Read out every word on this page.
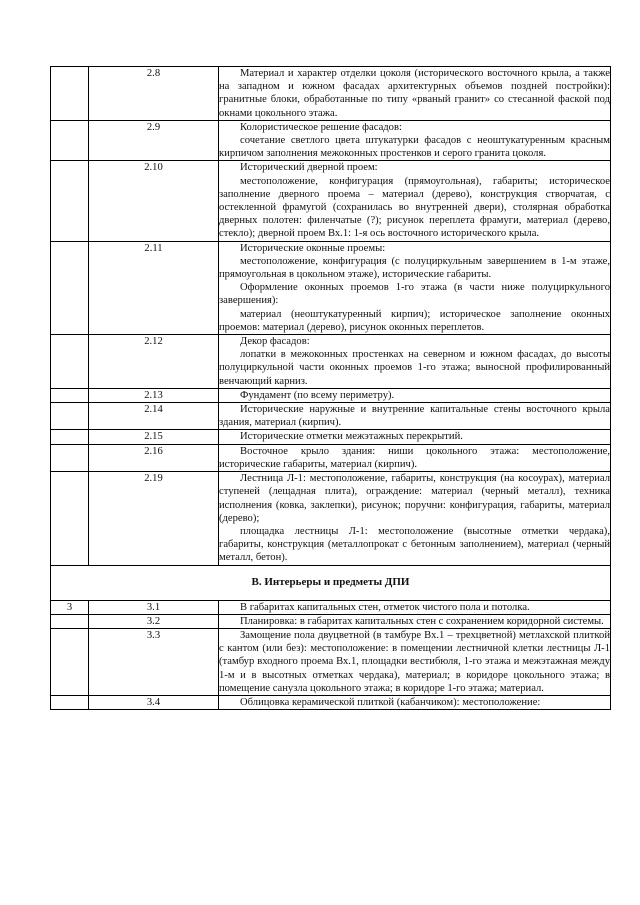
	2.8	Материал и характер отделки цоколя (исторического восточного крыла, а также на западном и южном фасадах архитектурных объемов поздней постройки): гранитные блоки, обработанные по типу «рваный гранит» со стесанной фаской под окнами цокольного этажа.

	2.9	Колористическое решение фасадов:

сочетание светлого цвета штукатурки фасадов с неоштукатуренным красным кирпичом заполнения межоконных простенков и серого гранита цоколя.

	2.10	Исторический дверной проем:

местоположение, конфигурация (прямоугольная), габариты; историческое заполнение дверного проема – материал (дерево), конструкция створчатая, с остекленной фрамугой (сохранилась во внутренней двери), столярная обработка дверных полотен: филенчатые (?); рисунок переплета фрамуги, материал (дерево, стекло); дверной проем Вх.1: 1-я ось восточного исторического крыла.

	2.11	Исторические оконные проемы:

местоположение, конфигурация (с полуциркульным завершением в 1-м этаже, прямоугольная в цокольном этаже), исторические габариты.

Оформление оконных проемов 1-го этажа (в части ниже полуциркульного завершения):

материал (неоштукатуренный кирпич); историческое заполнение оконных проемов: материал (дерево), рисунок оконных переплетов.

	2.12	Декор фасадов:

лопатки в межоконных простенках на северном и южном фасадах, до высоты полуциркульной части оконных проемов 1-го этажа; выносной профилированный венчающий карниз.

	2.13	Фундамент (по всему периметру).

	2.14	Исторические наружные и внутренние капитальные стены восточного крыла здания, материал (кирпич).

	2.15	Исторические отметки межэтажных перекрытий.

	2.16	Восточное крыло здания: ниши цокольного этажа: местоположение, исторические габариты, материал (кирпич).

	2.19	Лестница Л-1: местоположение, габариты, конструкция (на косоурах), материал ступеней (лещадная плита), ограждение: материал (черный металл), техника исполнения (ковка, заклепки), рисунок; поручни: конфигурация, габариты, материал (дерево);

площадка лестницы Л-1: местоположение (высотные отметки чердака), габариты, конструкция (металлопрокат с бетонным заполнением), материал (черный металл, бетон).

В. Интерьеры и предметы ДПИ		
3	3.1	В габаритах капитальных стен, отметок чистого пола и потолка.

	3.2	Планировка: в габаритах капитальных стен с сохранением коридорной системы.

	3.3	Замощение пола двуцветной (в тамбуре Вх.1 – трехцветной) метлахской плиткой с кантом (или без): местоположение: в помещении лестничной клетки лестницы Л-1 (тамбур входного проема Вх.1, площадки вестибюля, 1-го этажа и межэтажная между 1-м и в высотных отметках чердака), материал; в коридоре цокольного этажа; в помещение санузла цокольного этажа; в коридоре 1-го этажа; материал.

	3.4	Облицовка керамической плиткой (кабанчиком): местоположение:
